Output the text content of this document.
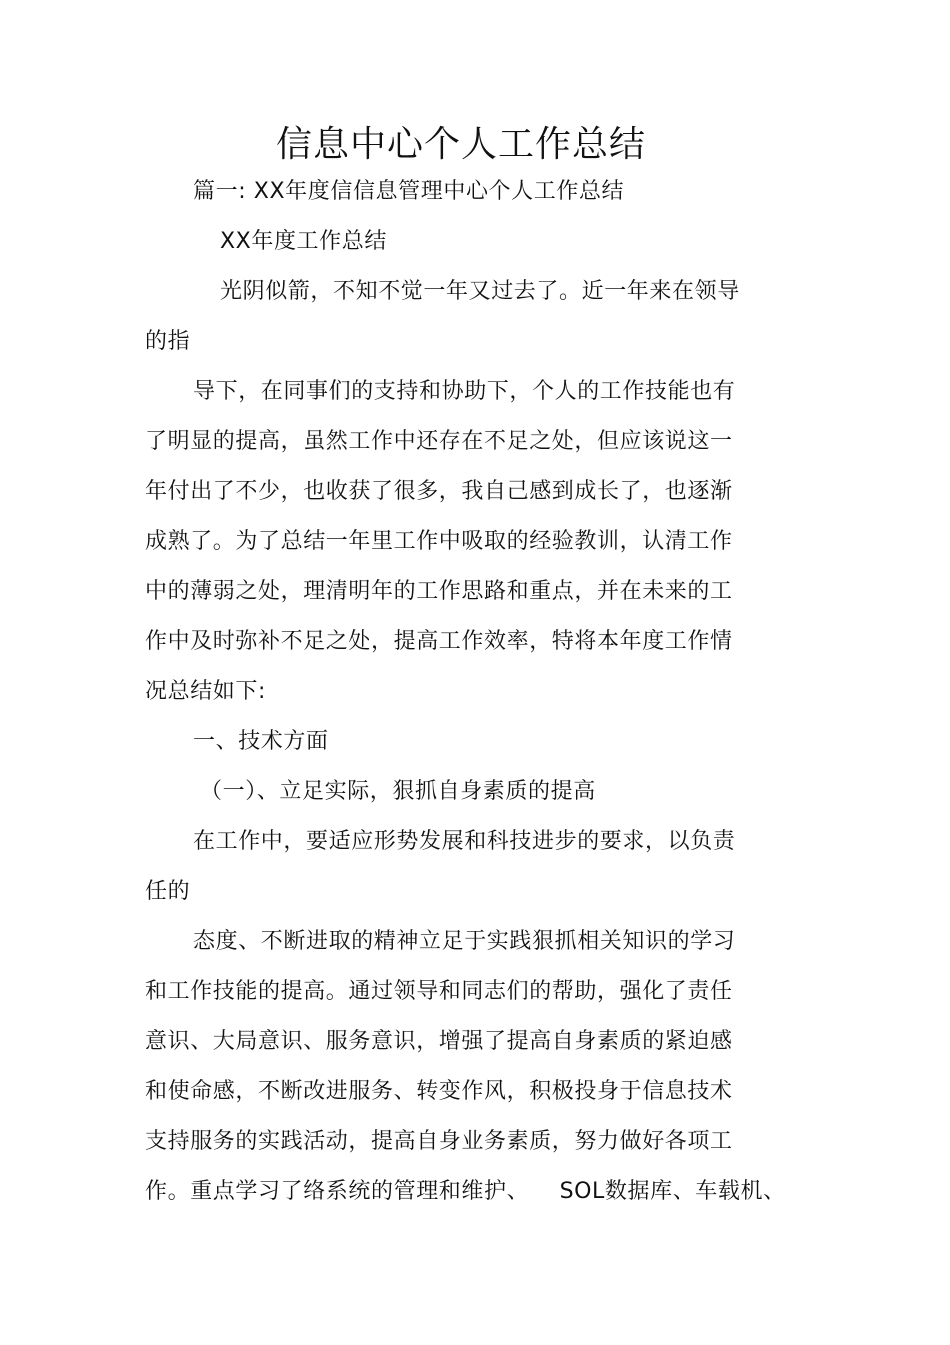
信息中心个人工作总结
篇一: XX年度信信息管理中心个人工作总结
XX年度工作总结
光阴似箭，不知不觉一年又过去了。近一年来在领导
的指
导下，在同事们的支持和协助下，个人的工作技能也有
了明显的提高，虽然工作中还存在不足之处，但应该说这一
年付出了不少，也收获了很多，我自己感到成长了，也逐渐
成熟了。为了总结一年里工作中吸取的经验教训，认清工作
中的薄弱之处，理清明年的工作思路和重点，并在未来的工
作中及时弥补不足之处，提高工作效率，特将本年度工作情
况总结如下:
一、技术方面
（一）、立足实际，狠抓自身素质的提高
在工作中，要适应形势发展和科技进步的要求，以负责
任的
态度、不断进取的精神立足于实践狠抓相关知识的学习
和工作技能的提高。通过领导和同志们的帮助，强化了责任
意识、大局意识、服务意识，增强了提高自身素质的紧迫感
和使命感，不断改进服务、转变作风，积极投身于信息技术
支持服务的实践活动，提高自身业务素质，努力做好各项工
作。重点学习了络系统的管理和维护、    SOL数据库、车载机、
